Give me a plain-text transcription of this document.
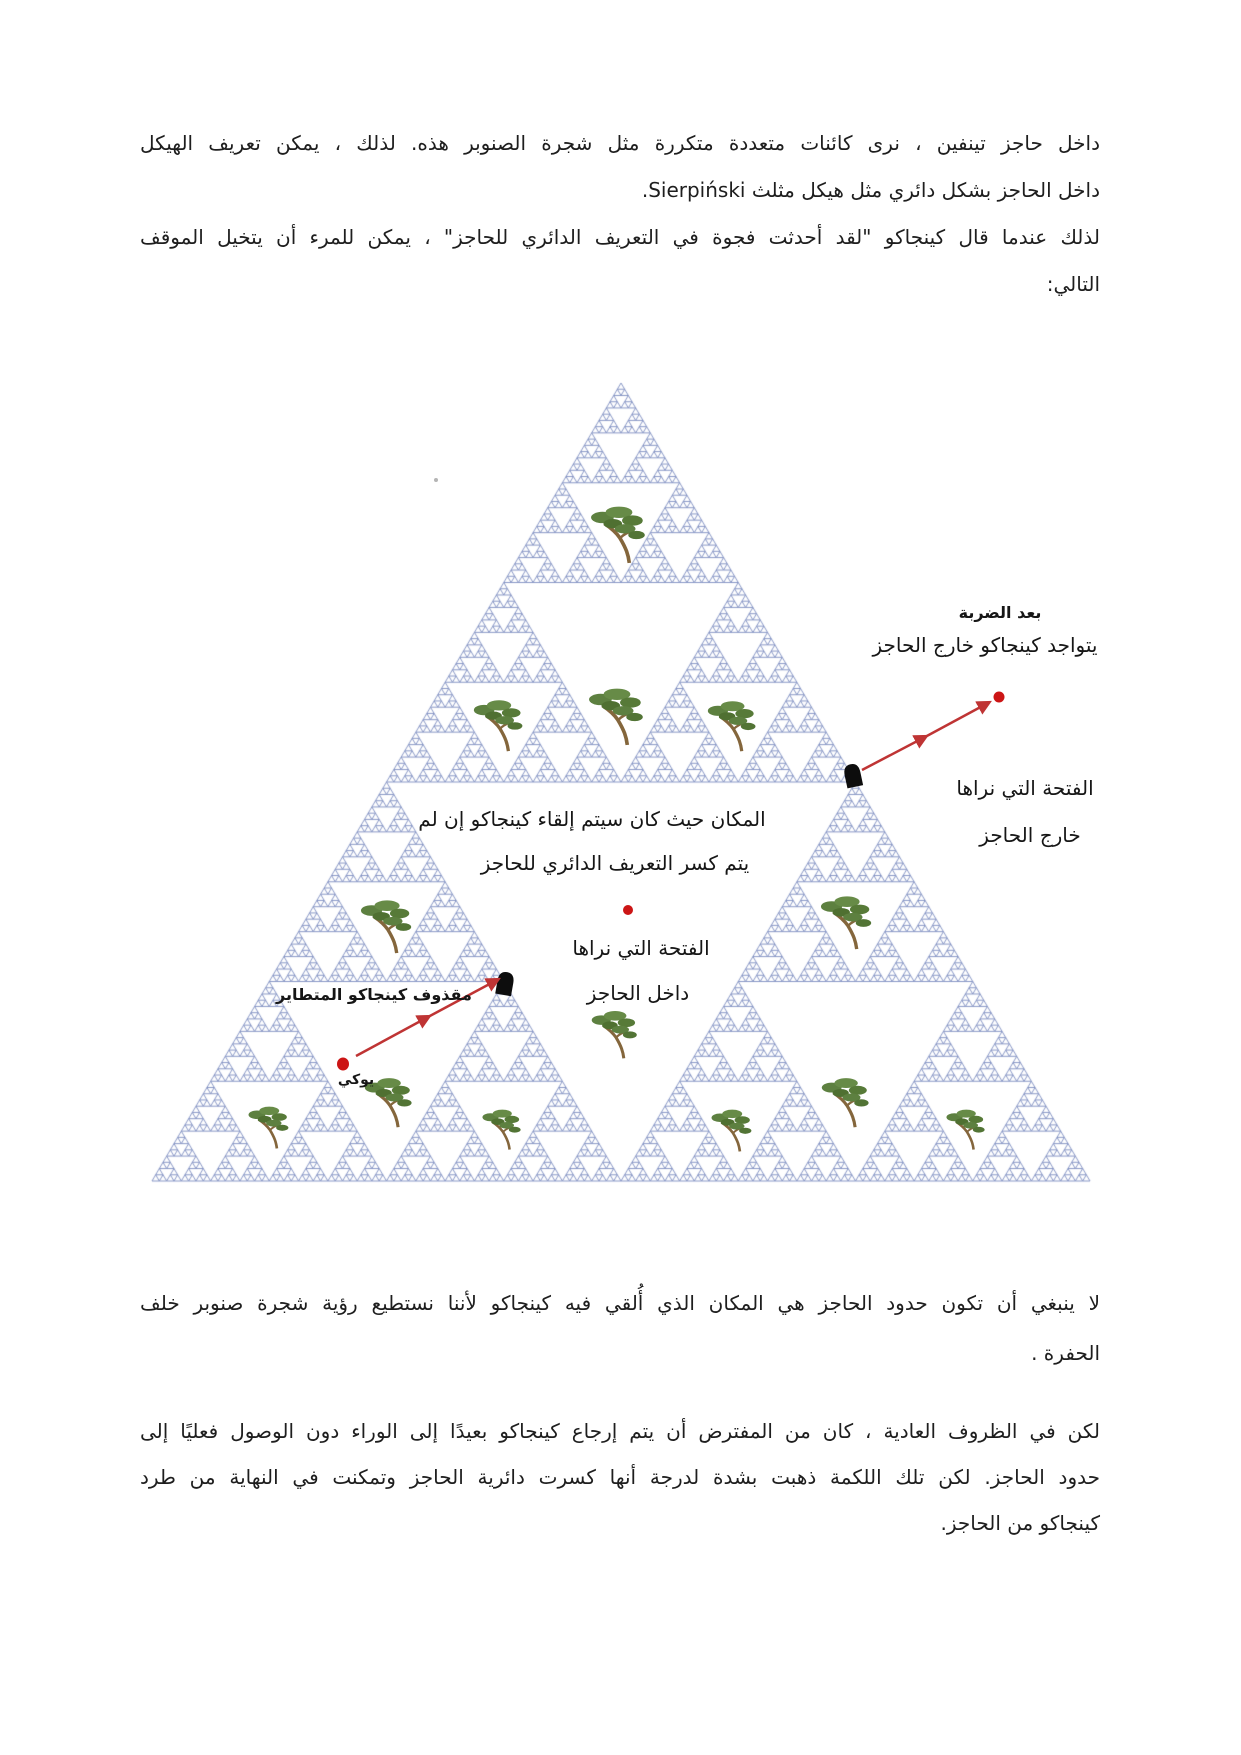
بعد الضربة
يتواجد كينجاكو خارج الحاجز
الفتحة التي نراها
خارج الحاجز
المكان حيث كان سيتم إلقاء كينجاكو إن لم
يتم كسر التعريف الدائري للحاجز
الفتحة التي نراها
داخل الحاجز
مقذوف كينجاكو المتطاير
يوكي
لا ينبغي أن تكون حدود الحاجز هي المكان الذي أُلقي فيه كينجاكو لأننا نستطيع رؤية شجرة صنوبر خلف
الحفرة .
لكن في الظروف العادية ، كان من المفترض أن يتم إرجاع كينجاكو بعيدًا إلى الوراء دون الوصول فعليًا إلى
حدود الحاجز. لكن تلك اللكمة ذهبت بشدة لدرجة أنها كسرت دائرية الحاجز وتمكنت في النهاية من طرد
كينجاكو من الحاجز.
